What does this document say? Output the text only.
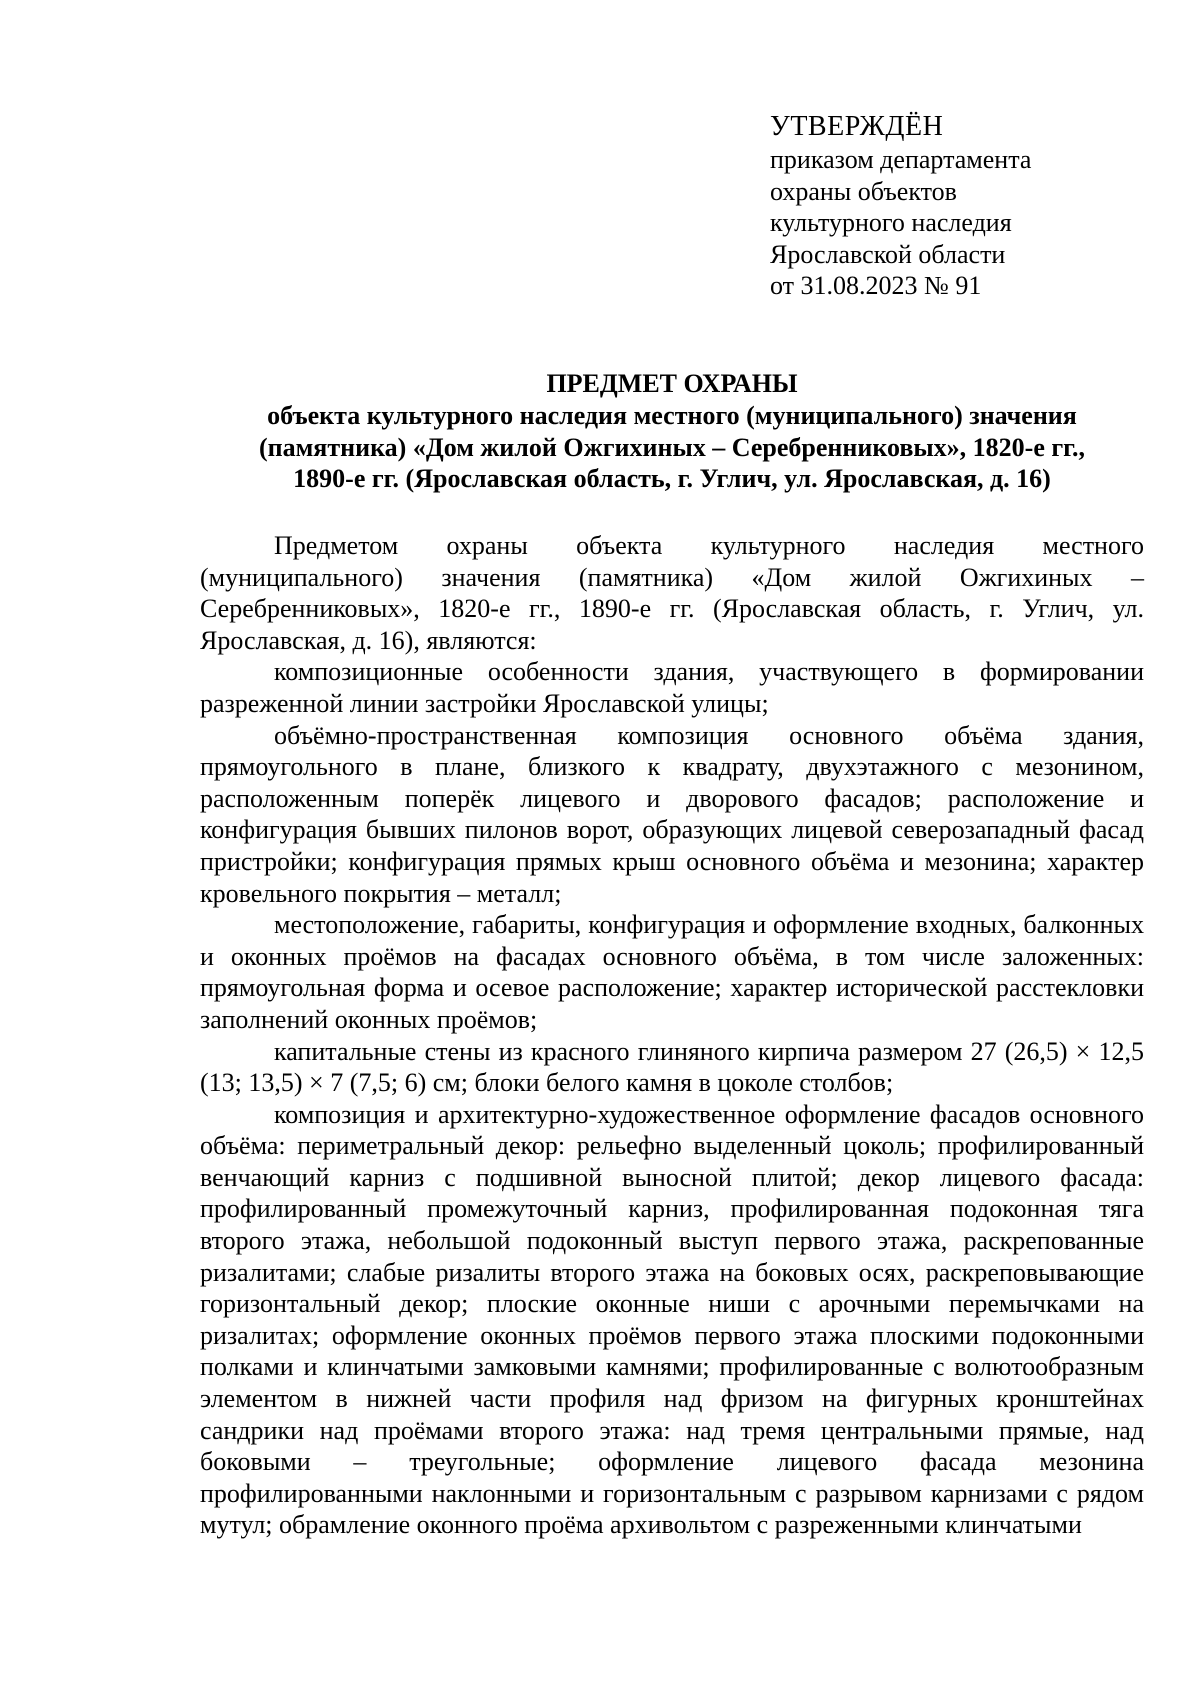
УТВЕРЖДЁН
приказом департамента
охраны объектов
культурного наследия
Ярославской области
от 31.08.2023 № 91
ПРЕДМЕТ ОХРАНЫ
объекта культурного наследия местного (муниципального) значения
(памятника) «Дом жилой Ожгихиных – Серебренниковых», 1820-е гг.,
1890-е гг. (Ярославская область, г. Углич, ул. Ярославская, д. 16)

Предметом охраны объекта культурного наследия местного (муниципального) значения (памятника) «Дом жилой Ожгихиных – Серебренниковых», 1820-е гг., 1890-е гг. (Ярославская область, г. Углич, ул. Ярославская, д. 16), являются:

композиционные особенности здания, участвующего в формировании разреженной линии застройки Ярославской улицы;

объёмно-пространственная композиция основного объёма здания, прямоугольного в плане, близкого к квадрату, двухэтажного с мезонином, расположенным поперёк лицевого и дворового фасадов; расположение и конфигурация бывших пилонов ворот, образующих лицевой северозападный фасад пристройки; конфигурация прямых крыш основного объёма и мезонина; характер кровельного покрытия – металл;

местоположение, габариты, конфигурация и оформление входных, балконных и оконных проёмов на фасадах основного объёма, в том числе заложенных: прямоугольная форма и осевое расположение; характер исторической расстекловки заполнений оконных проёмов;

капитальные стены из красного глиняного кирпича размером 27 (26,5) × 12,5 (13; 13,5) × 7 (7,5; 6) см; блоки белого камня в цоколе столбов;

композиция и архитектурно-художественное оформление фасадов основного объёма: периметральный декор: рельефно выделенный цоколь; профилированный венчающий карниз с подшивной выносной плитой; декор лицевого фасада: профилированный промежуточный карниз, профилированная подоконная тяга второго этажа, небольшой подоконный выступ первого этажа, раскрепованные ризалитами; слабые ризалиты второго этажа на боковых осях, раскреповывающие горизонтальный декор; плоские оконные ниши с арочными перемычками на ризалитах; оформление оконных проёмов первого этажа плоскими подоконными полками и клинчатыми замковыми камнями; профилированные с волютообразным элементом в нижней части профиля над фризом на фигурных кронштейнах сандрики над проёмами второго этажа: над тремя центральными прямые, над боковыми – треугольные; оформление лицевого фасада мезонина профилированными наклонными и горизонтальным с разрывом карнизами с рядом мутул; обрамление оконного проёма архивольтом с разреженными клинчатыми
